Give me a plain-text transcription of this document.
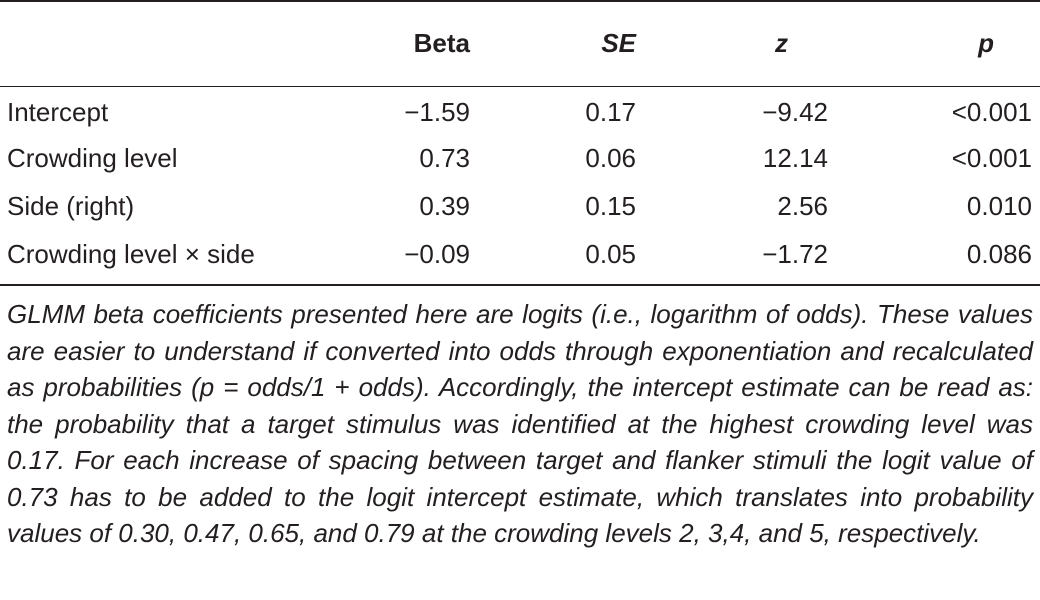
	Beta	SE	z	p
Intercept	−1.59	0.17	−9.42	<0.001
Crowding level	0.73	0.06	12.14	<0.001
Side (right)	0.39	0.15	2.56	0.010
Crowding level × side	−0.09	0.05	−1.72	0.086

GLMM beta coefficients presented here are logits (i.e., logarithm of odds). These values are easier to understand if converted into odds through exponentiation and recalculated as probabilities (p = odds/1 + odds). Accordingly, the intercept estimate can be read as: the probability that a target stimulus was identified at the highest crowding level was 0.17. For each increase of spacing between target and flanker stimuli the logit value of 0.73 has to be added to the logit intercept estimate, which translates into probability values of 0.30, 0.47, 0.65, and 0.79 at the crowding levels 2, 3,4, and 5, respectively.
